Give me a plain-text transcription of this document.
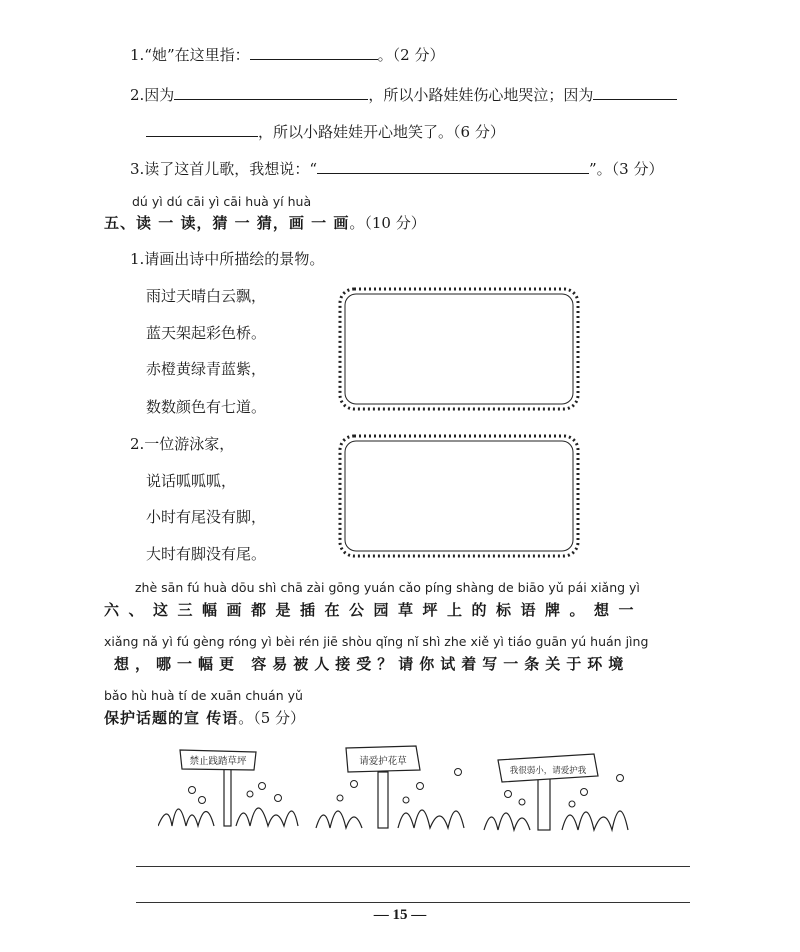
1.“她”在这里指：	。（2 分）
2.因为	，所以小路娃娃伤心地哭泣；因为
，所以小路娃娃开心地笑了。（6 分）
3.读了这首儿歌，我想说：“	”。（3 分）
dú yì dú cāi yì cāi huà yí huà
五、读 一 读，猜 一 猜，画 一 画。（10 分）
1.请画出诗中所描绘的景物。
雨过天晴白云飘，
蓝天架起彩色桥。
赤橙黄绿青蓝紫，
数数颜色有七道。
2.一位游泳家，
说话呱呱呱，
小时有尾没有脚，
大时有脚没有尾。
zhè sān fú huà dōu shì chā zài gōng yuán cǎo píng shàng de biāo yǔ pái xiǎng yì
六、这三幅画都是插在公园草坪上的标语牌。想一
xiǎng nǎ yì fú gèng róng yì bèi rén jiē shòu qǐng nǐ shì zhe xiě yì tiáo guān yú huán jìng
想，哪一幅更 容易被人接受？请你试着写一条关于环境
bǎo hù huà tí de xuān chuán yǔ
保护话题的宣 传语。（5 分）
禁止践踏草坪	请爱护花草
我很弱小，请爱护我
— 15 —
